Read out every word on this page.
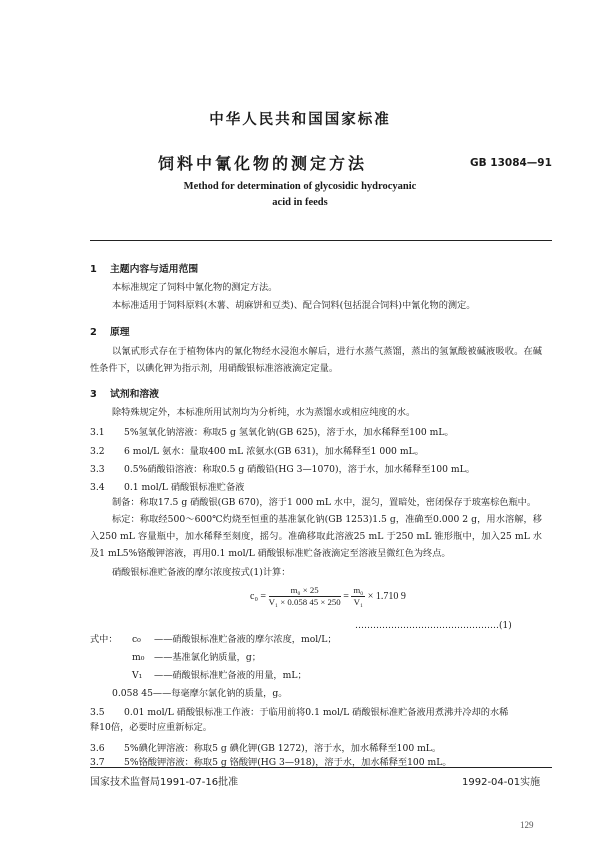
中华人民共和国国家标准
饲料中氰化物的测定方法	GB 13084—91
Method for determination of glycosidic hydrocyanic
acid in feeds
1 主题内容与适用范围
本标准规定了饲料中氰化物的测定方法。
本标准适用于饲料原料(木薯、胡麻饼和豆类)、配合饲料(包括混合饲料)中氰化物的测定。
2 原理
以氰甙形式存在于植物体内的氰化物经水浸泡水解后，进行水蒸气蒸馏，蒸出的氢氰酸被碱液吸收。在碱性条件下，以碘化钾为指示剂，用硝酸银标准溶液滴定定量。
3 试剂和溶液
除特殊规定外，本标准所用试剂均为分析纯，水为蒸馏水或相应纯度的水。
3.1 5%氢氧化钠溶液：称取5 g 氢氧化钠(GB 625)，溶于水，加水稀释至100 mL。
3.2 6 mol/L 氨水：量取400 mL 浓氨水(GB 631)，加水稀释至1 000 mL。
3.3 0.5%硝酸铅溶液：称取0.5 g 硝酸铅(HG 3—1070)，溶于水，加水稀释至100 mL。
3.4 0.1 mol/L 硝酸银标准贮备液
制备：称取17.5 g 硝酸银(GB 670)，溶于1 000 mL 水中，混匀，置暗处，密闭保存于玻塞棕色瓶中。
标定：称取经500～600℃灼烧至恒重的基准氯化钠(GB 1253)1.5 g，准确至0.000 2 g，用水溶解，移入250 mL 容量瓶中，加水稀释至刻度，摇匀。准确移取此溶液25 mL 于250 mL 锥形瓶中，加入25 mL 水及1 mL5%铬酸钾溶液，再用0.1 mol/L 硝酸银标准贮备液滴定至溶液呈微红色为终点。
硝酸银标准贮备液的摩尔浓度按式(1)计算：
$c_0 = \frac{\text{m₀ × 25}}{\text{V₁ × 0.058 45 × 250}} = \frac{\text{m₀}}{\text{V₁}} \times 1.710$ 9
…………………………………………(1)
式中： c₀ ——硝酸银标准贮备液的摩尔浓度，mol/L；
m₀ ——基准氯化钠质量，g；
V₁ ——硝酸银标准贮备液的用量，mL；
0.058 45——每毫摩尔氯化钠的质量，g。
3.5 0.01 mol/L 硝酸银标准工作液：于临用前将0.1 mol/L 硝酸银标准贮备液用煮沸并冷却的水稀
释10倍，必要时应重新标定。
3.6 5%碘化钾溶液：称取5 g 碘化钾(GB 1272)，溶于水，加水稀释至100 mL。
3.7 5%铬酸钾溶液：称取5 g 铬酸钾(HG 3—918)，溶于水，加水稀释至100 mL。
国家技术监督局1991-07-16批准	1992-04-01实施
129
